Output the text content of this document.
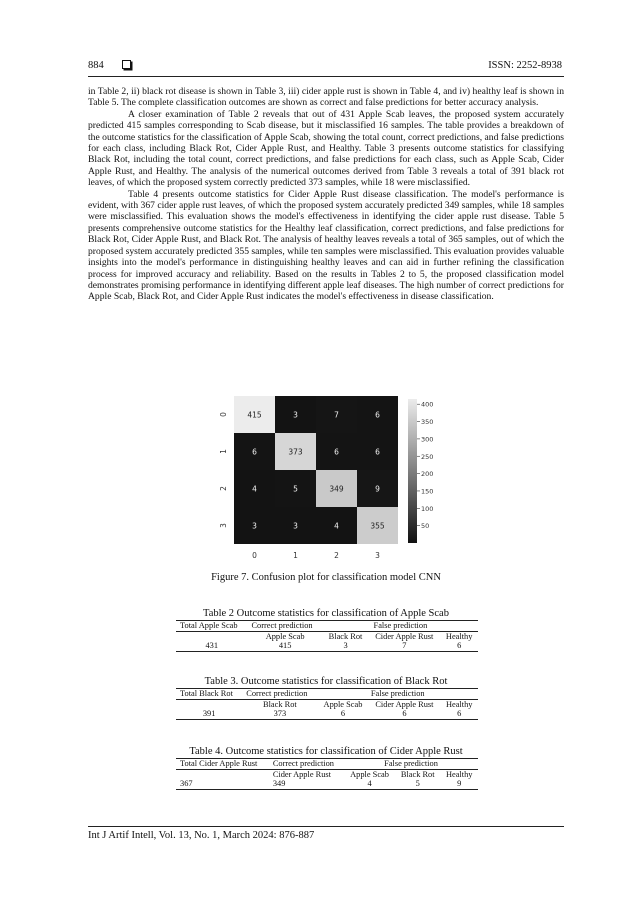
884	ISSN: 2252-8938

in Table 2, ii) black rot disease is shown in Table 3, iii) cider apple rust is shown in Table 4, and iv) healthy leaf is shown in Table 5. The complete classification outcomes are shown as correct and false predictions for better accuracy analysis.

A closer examination of Table 2 reveals that out of 431 Apple Scab leaves, the proposed system accurately predicted 415 samples corresponding to Scab disease, but it misclassified 16 samples. The table provides a breakdown of the outcome statistics for the classification of Apple Scab, showing the total count, correct predictions, and false predictions for each class, including Black Rot, Cider Apple Rust, and Healthy. Table 3 presents outcome statistics for classifying Black Rot, including the total count, correct predictions, and false predictions for each class, such as Apple Scab, Cider Apple Rust, and Healthy. The analysis of the numerical outcomes derived from Table 3 reveals a total of 391 black rot leaves, of which the proposed system correctly predicted 373 samples, while 18 were misclassified.

Table 4 presents outcome statistics for Cider Apple Rust disease classification. The model's performance is evident, with 367 cider apple rust leaves, of which the proposed system accurately predicted 349 samples, while 18 samples were misclassified. This evaluation shows the model's effectiveness in identifying the cider apple rust disease. Table 5 presents comprehensive outcome statistics for the Healthy leaf classification, correct predictions, and false predictions for Black Rot, Cider Apple Rust, and Black Rot. The analysis of healthy leaves reveals a total of 365 samples, out of which the proposed system accurately predicted 355 samples, while ten samples were misclassified. This evaluation provides valuable insights into the model's performance in distinguishing healthy leaves and can aid in further refining the classification process for improved accuracy and reliability. Based on the results in Tables 2 to 5, the proposed classification model demonstrates promising performance in identifying different apple leaf diseases. The high number of correct predictions for Apple Scab, Black Rot, and Cider Apple Rust indicates the model's effectiveness in disease classification.

415	3	7	6
6	373	6	6
4	5	349	9
3	3	4	355
0
1
2
3
0	1	2	3
400
350
300
250
200
150
100
50
Figure 7. Confusion plot for classification model CNN
Table 2 Outcome statistics for classification of Apple Scab
Total Apple Scab	Correct prediction	False prediction		
	Apple Scab	Black Rot	Cider Apple Rust	Healthy
431	415	3	7	6
Table 3. Outcome statistics for classification of Black Rot
Total Black Rot	Correct prediction	False prediction		
	Black Rot	Apple Scab	Cider Apple Rust	Healthy
391	373	6	6	6
Table 4. Outcome statistics for classification of Cider Apple Rust
Total Cider Apple Rust	Correct prediction	False prediction		
	Cider Apple Rust	Apple Scab	Black Rot	Healthy
367	349	4	5	9
Int J Artif Intell, Vol. 13, No. 1, March 2024: 876-887
